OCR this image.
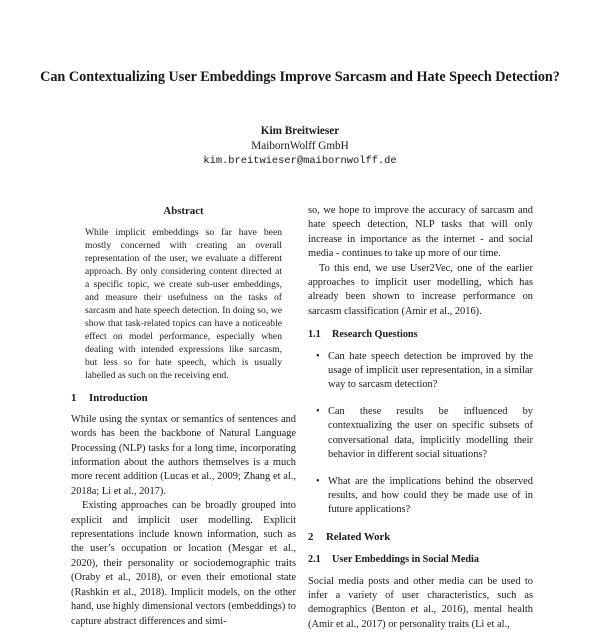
Can Contextualizing User Embeddings Improve Sarcasm and Hate Speech Detection?
Kim Breitwieser
MaibornWolff GmbH
kim.breitwieser@maibornwolff.de
Abstract

While implicit embeddings so far have been mostly concerned with creating an overall representation of the user, we evaluate a different approach. By only considering content directed at a specific topic, we create sub-user embeddings, and measure their usefulness on the tasks of sarcasm and hate speech detection. In doing so, we show that task-related topics can have a noticeable effect on model performance, especially when dealing with intended expressions like sarcasm, but less so for hate speech, which is usually labelled as such on the receiving end.

1 Introduction

While using the syntax or semantics of sentences and words has been the backbone of Natural Language Processing (NLP) tasks for a long time, incorporating information about the authors themselves is a much more recent addition (Lucas et al., 2009; Zhang et al., 2018a; Li et al., 2017).

Existing approaches can be broadly grouped into explicit and implicit user modelling. Explicit representations include known information, such as the user’s occupation or location (Mesgar et al., 2020), their personality or sociodemographic traits (Oraby et al., 2018), or even their emotional state (Rashkin et al., 2018). Implicit models, on the other hand, use highly dimensional vectors (embeddings) to capture abstract differences and simi-

so, we hope to improve the accuracy of sarcasm and hate speech detection, NLP tasks that will only increase in importance as the internet - and social media - continues to take up more of our time.

To this end, we use User2Vec, one of the earlier approaches to implicit user modelling, which has already been shown to increase performance on sarcasm classification (Amir et al., 2016).

1.1 Research Questions
• Can hate speech detection be improved by the usage of implicit user representation, in a similar way to sarcasm detection?
• Can these results be influenced by contextualizing the user on specific subsets of conversational data, implicitly modelling their behavior in different social situations?
• What are the implications behind the observed results, and how could they be made use of in future applications?
2 Related Work
2.1 User Embeddings in Social Media

Social media posts and other media can be used to infer a variety of user characteristics, such as demographics (Benton et al., 2016), mental health (Amir et al., 2017) or personality traits (Li et al.,
